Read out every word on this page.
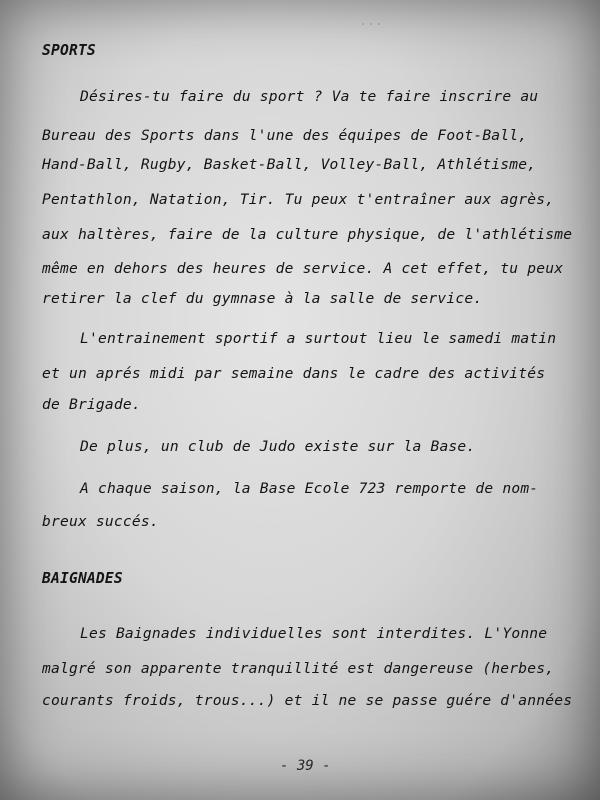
...
SPORTS
Désires-tu faire du sport ? Va te faire inscrire au
Bureau des Sports dans l'une des équipes de Foot-Ball,
Hand-Ball, Rugby, Basket-Ball, Volley-Ball, Athlétisme,
Pentathlon, Natation, Tir. Tu peux t'entraîner aux agrès,
aux haltères, faire de la culture physique, de l'athlétisme
même en dehors des heures de service. A cet effet, tu peux
retirer la clef du gymnase à la salle de service.
L'entrainement sportif a surtout lieu le samedi matin
et un aprés midi par semaine dans le cadre des activités
de Brigade.
De plus, un club de Judo existe sur la Base.
A chaque saison, la Base Ecole 723 remporte de nom-
breux succés.
BAIGNADES
Les Baignades individuelles sont interdites. L'Yonne
malgré son apparente tranquillité est dangereuse (herbes,
courants froids, trous...) et il ne se passe guére d'années
- 39 -
